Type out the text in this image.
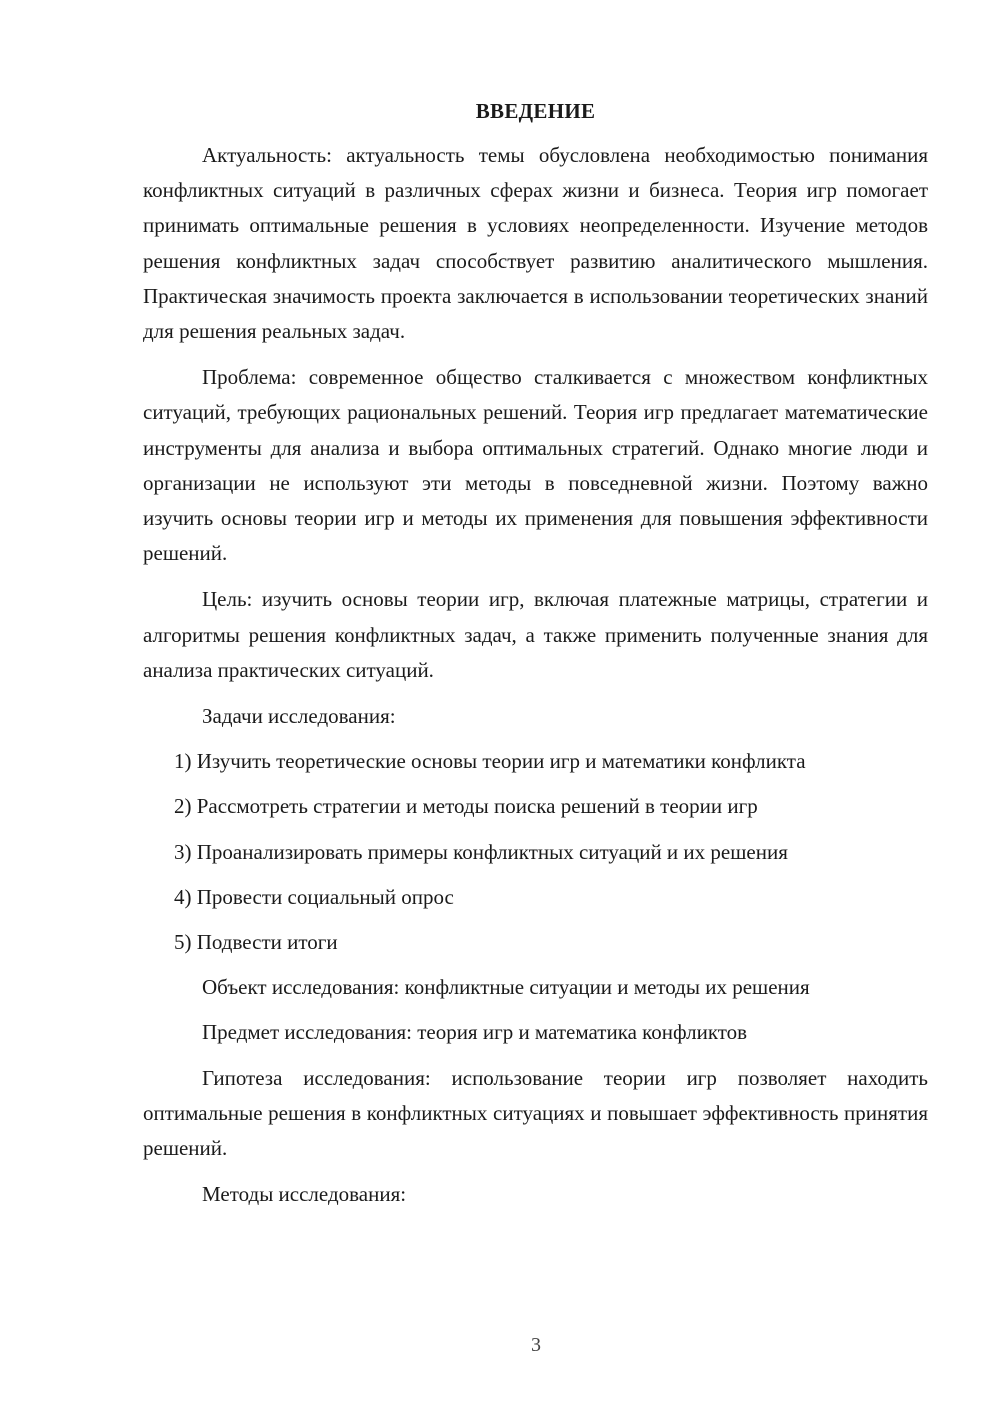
ВВЕДЕНИЕ

Актуальность: актуальность темы обусловлена необходимостью понимания конфликтных ситуаций в различных сферах жизни и бизнеса. Теория игр помогает принимать оптимальные решения в условиях неопределенности. Изучение методов решения конфликтных задач способствует развитию аналитического мышления. Практическая значимость проекта заключается в использовании теоретических знаний для решения реальных задач.

Проблема: современное общество сталкивается с множеством конфликтных ситуаций, требующих рациональных решений. Теория игр предлагает математические инструменты для анализа и выбора оптимальных стратегий. Однако многие люди и организации не используют эти методы в повседневной жизни. Поэтому важно изучить основы теории игр и методы их применения для повышения эффективности решений.

Цель: изучить основы теории игр, включая платежные матрицы, стратегии и алгоритмы решения конфликтных задач, а также применить полученные знания для анализа практических ситуаций.

Задачи исследования:

1) Изучить теоретические основы теории игр и математики конфликта
2) Рассмотреть стратегии и методы поиска решений в теории игр
3) Проанализировать примеры конфликтных ситуаций и их решения
4) Провести социальный опрос
5) Подвести итоги

Объект исследования: конфликтные ситуации и методы их решения

Предмет исследования: теория игр и математика конфликтов

Гипотеза исследования: использование теории игр позволяет находить оптимальные решения в конфликтных ситуациях и повышает эффективность принятия решений.

Методы исследования:

3
